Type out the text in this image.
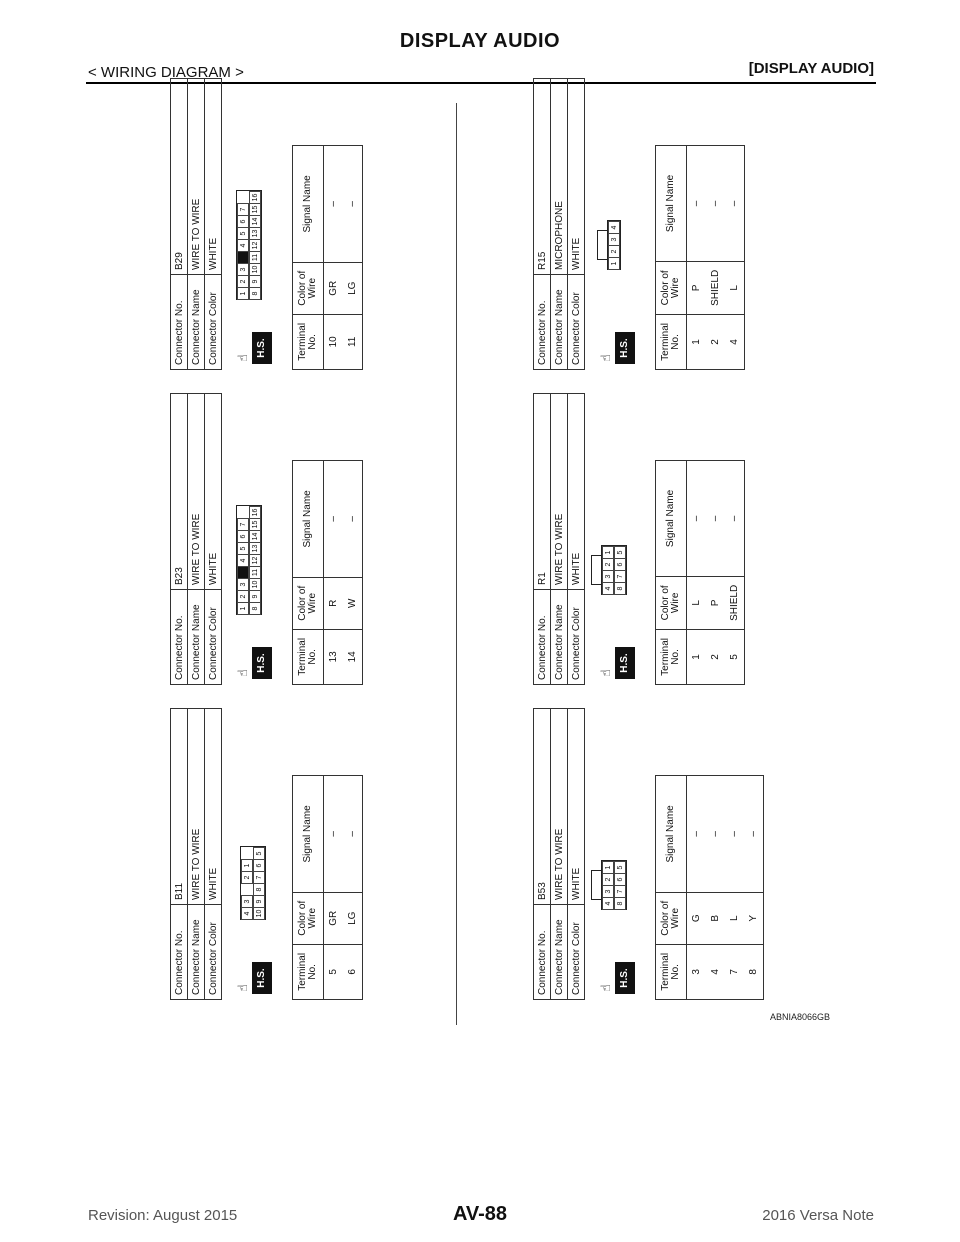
DISPLAY AUDIO
< WIRING DIAGRAM >	[DISPLAY AUDIO]
Connector No.	B11
Connector Name	WIRE TO WIRE
Connector Color	WHITE
☝
H.S.
4
3
2
1
10
9
8
7
6
5
Terminal No.	Color of Wire	Signal Name
5	GR	–
6	LG	–
Connector No.	B23
Connector Name	WIRE TO WIRE
Connector Color	WHITE
☝
H.S.
1
2
3
4
5
6
7
8
9
10
11
12
13
14
15
16
Terminal No.	Color of Wire	Signal Name
13	R	–
14	W	–
Connector No.	B29
Connector Name	WIRE TO WIRE
Connector Color	WHITE
☝
H.S.
1
2
3
4
5
6
7
8
9
10
11
12
13
14
15
16
Terminal No.	Color of Wire	Signal Name
10	GR	–
11	LG	–
Connector No.	B53
Connector Name	WIRE TO WIRE
Connector Color	WHITE
☝
H.S.
4
3
2
1
8
7
6
5
Terminal No.	Color of Wire	Signal Name
3	G	–
4	B	–
7	L	–
8	Y	–
Connector No.	R1
Connector Name	WIRE TO WIRE
Connector Color	WHITE
☝
H.S.
4
3
2
1
8
7
6
5
Terminal No.	Color of Wire	Signal Name
1	L	–
2	P	–
5	SHIELD	–
Connector No.	R15
Connector Name	MICROPHONE
Connector Color	WHITE
☝
H.S.
1
2
3
4
Terminal No.	Color of Wire	Signal Name
1	P	–
2	SHIELD	–
4	L	–
ABNIA8066GB
Revision: August 2015	AV-88	2016 Versa Note
